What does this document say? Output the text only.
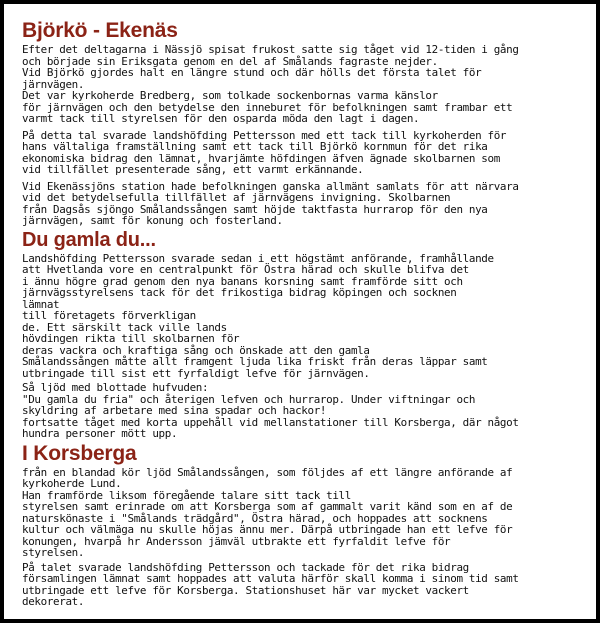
Björkö - Ekenäs

Efter det deltagarna i Nässjö spisat frukost satte sig tåget vid 12-tiden i gång
och började sin Eriksgata genom en del af Smålands fagraste nejder.
Vid Björkö gjordes halt en längre stund och där hölls det första talet för
järnvägen.
Det var kyrkoherde Bredberg, som tolkade sockenbornas varma känslor
för järnvägen och den betydelse den inneburet för befolkningen samt frambar ett
varmt tack till styrelsen för den osparda möda den lagt i dagen.

På detta tal svarade landshöfding Pettersson med ett tack till kyrkoherden för
hans vältaliga framställning samt ett tack till Björkö kornmun för det rika
ekonomiska bidrag den lämnat, hvarjämte höfdingen äfven ägnade skolbarnen som
vid tillfället presenterade sång, ett varmt erkännande.

Vid Ekenässjöns station hade befolkningen ganska allmänt samlats för att närvara
vid det betydelsefulla tillfället af järnvägens invigning. Skolbarnen
från Dagsås sjöngo Smålandssången samt höjde taktfasta hurrarop för den nya
järnvägen, samt för konung och fosterland.

Du gamla du...

Landshöfding Pettersson svarade sedan i ett högstämt anförande, framhållande
att Hvetlanda vore en centralpunkt för Östra härad och skulle blifva det
i ännu högre grad genom den nya banans korsning samt framförde sitt och
järnvägsstyrelsens tack för det frikostiga bidrag köpingen och socknen
lämnat
till företagets förverkligan
de. Ett särskilt tack ville lands
hövdingen rikta till skolbarnen för
deras vackra och kraftiga sång och önskade att den gamla
Smålandssången måtte allt framgent ljuda lika friskt från deras läppar samt
utbringade till sist ett fyrfaldigt lefve för järnvägen.

Så ljöd med blottade hufvuden:
"Du gamla du fria" och återigen lefven och hurrarop. Under viftningar och
skyldring af arbetare med sina spadar och hackor!
fortsatte tåget med korta uppehåll vid mellanstationer till Korsberga, där något
hundra personer mött upp.

I Korsberga

från en blandad kör ljöd Smålandssången, som följdes af ett längre anförande af
kyrkoherde Lund.
Han framförde liksom föregående talare sitt tack till
styrelsen samt erinrade om att Korsberga som af gammalt varit känd som en af de
naturskönaste i "Smålands trädgård", Östra härad, och hoppades att socknens
kultur och välmäga nu skulle höjas ännu mer. Därpå utbringade han ett lefve för
konungen, hvarpå hr Andersson jämväl utbrakte ett fyrfaldit lefve för
styrelsen.

På talet svarade landshöfding Pettersson och tackade för det rika bidrag
församlingen lämnat samt hoppades att valuta härför skall komma i sinom tid samt
utbringade ett lefve för Korsberga. Stationshuset här var mycket vackert
dekorerat.
